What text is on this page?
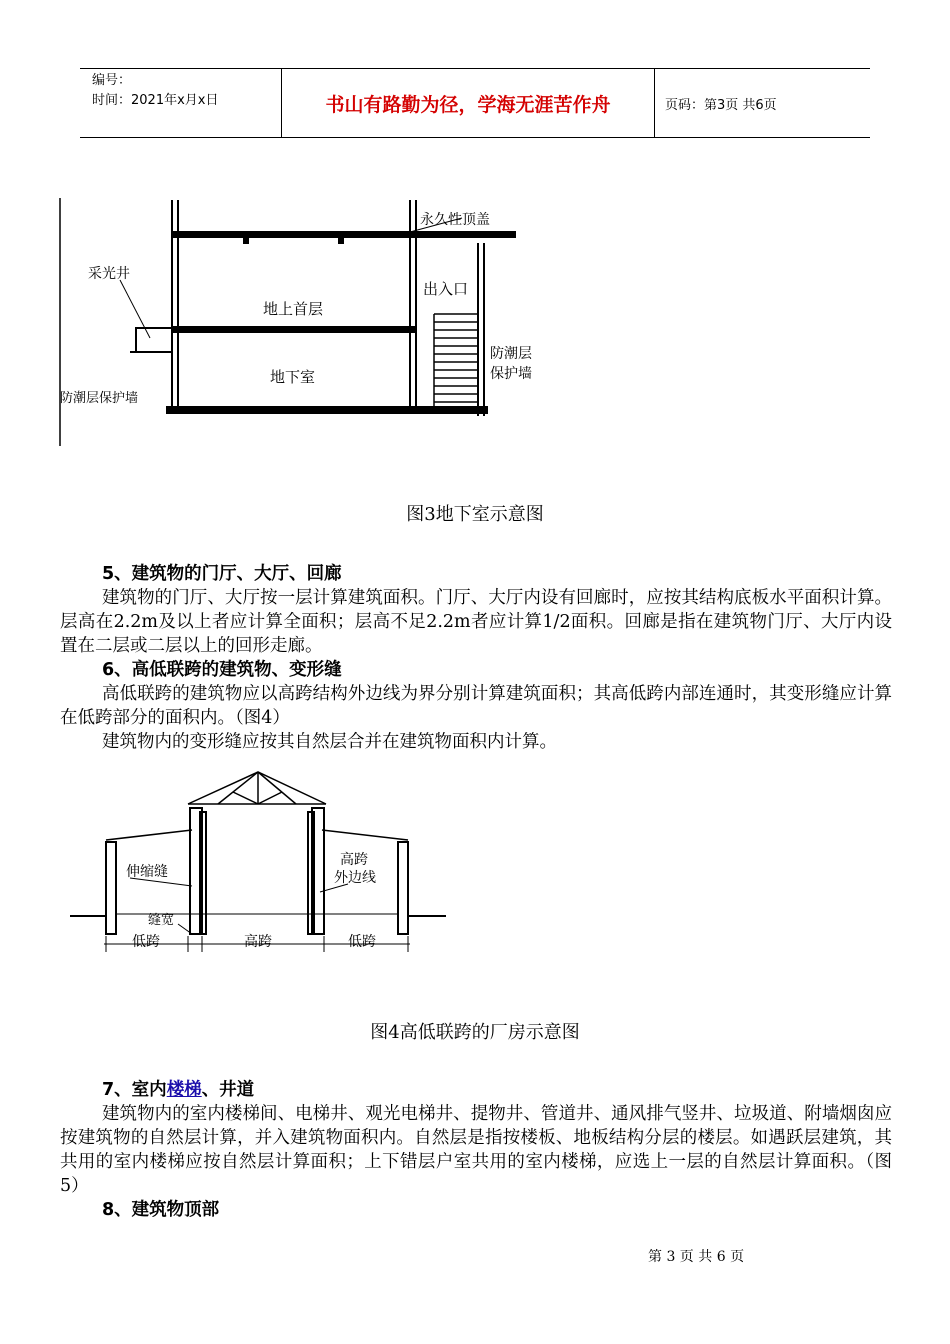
编号：
时间：2021年x月x日	书山有路勤为径，学海无涯苦作舟	页码：第3页 共6页
永久性顶盖
采光井
地上首层
出入口
地下室
防潮层保护墙
防潮层
保护墙
图3地下室示意图

5、建筑物的门厅、大厅、回廊

建筑物的门厅、大厅按一层计算建筑面积。门厅、大厅内设有回廊时，应按其结构底板水平面积计算。层高在2.2m及以上者应计算全面积；层高不足2.2m者应计算1/2面积。回廊是指在建筑物门厅、大厅内设置在二层或二层以上的回形走廊。

6、高低联跨的建筑物、变形缝

高低联跨的建筑物应以高跨结构外边线为界分别计算建筑面积；其高低跨内部连通时，其变形缝应计算在低跨部分的面积内。（图4）

建筑物内的变形缝应按其自然层合并在建筑物面积内计算。

伸缩缝
高跨
外边线
缝宽
低跨	高跨	低跨
图4高低联跨的厂房示意图

7、室内楼梯、井道

建筑物内的室内楼梯间、电梯井、观光电梯井、提物井、管道井、通风排气竖井、垃圾道、附墙烟囱应按建筑物的自然层计算，并入建筑物面积内。自然层是指按楼板、地板结构分层的楼层。如遇跃层建筑，其共用的室内楼梯应按自然层计算面积；上下错层户室共用的室内楼梯，应选上一层的自然层计算面积。（图5）

8、建筑物顶部

第 3 页 共 6 页
